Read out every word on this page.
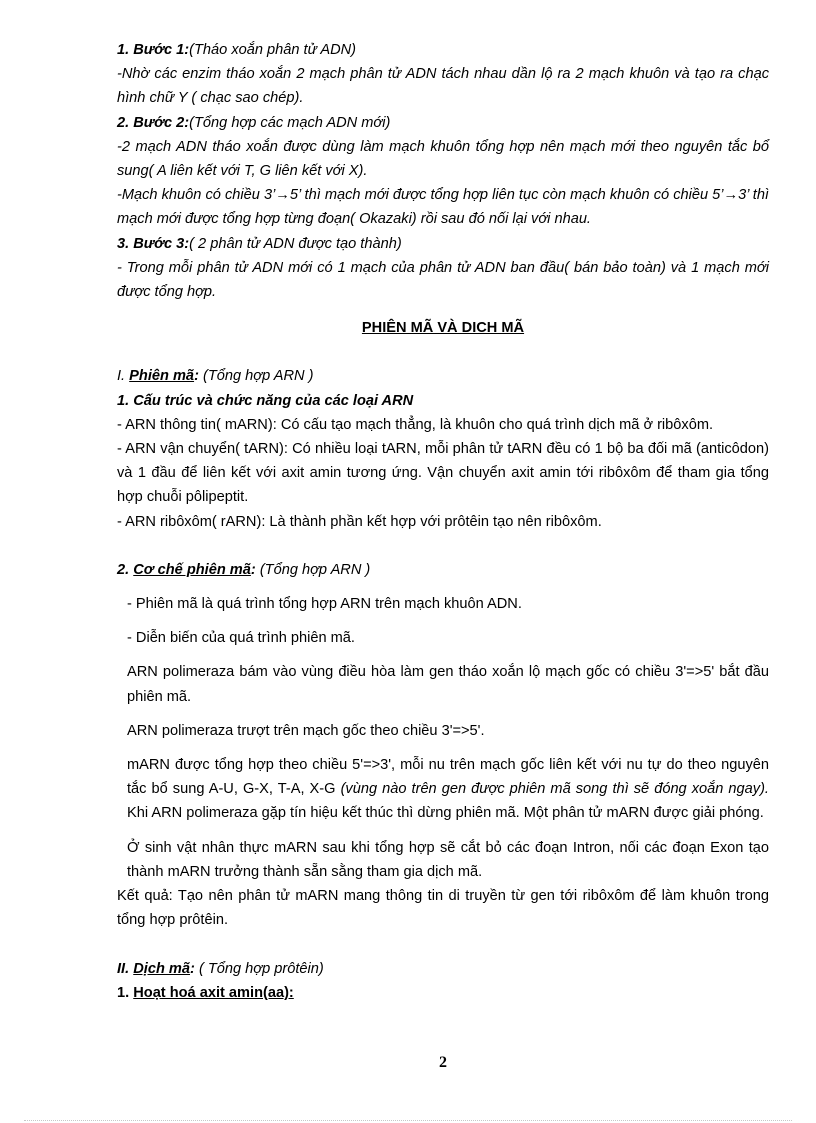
1. Bước 1:(Tháo xoắn phân tử ADN)

-Nhờ các enzim tháo xoắn 2 mạch phân tử ADN tách nhau dần lộ ra 2 mạch khuôn và tạo ra chạc hình chữ Y ( chạc sao chép).

2. Bước 2:(Tổng hợp các mạch ADN mới)

-2 mạch ADN tháo xoắn được dùng làm mạch khuôn tổng hợp nên mạch mới theo nguyên tắc bổ sung( A liên kết với T, G liên kết với X).

-Mạch khuôn có chiều 3’→5’ thì mạch mới được tổng hợp liên tục còn mạch khuôn có chiều 5’→3’ thì mạch mới được tổng hợp từng đoạn( Okazaki) rồi sau đó nối lại với nhau.

3. Bước 3:( 2 phân tử ADN được tạo thành)

- Trong mỗi phân tử ADN mới có 1 mạch của phân tử ADN ban đầu( bán bảo toàn) và 1 mạch mới được tổng hợp.

PHIÊN MÃ VÀ DICH MÃ

I. Phiên mã: (Tổng hợp ARN )

1. Cấu trúc và chức năng của các loại ARN

- ARN thông tin( mARN): Có cấu tạo mạch thẳng, là khuôn cho quá trình dịch mã ở ribôxôm.

- ARN vận chuyển( tARN): Có nhiều loại tARN, mỗi phân tử tARN đều có 1 bộ ba đối mã (anticôdon) và 1 đầu để liên kết với axit amin tương ứng. Vận chuyển axit amin tới ribôxôm để tham gia tổng hợp chuỗi pôlipeptit.

- ARN ribôxôm( rARN): Là thành phần kết hợp với prôtêin tạo nên ribôxôm.

2. Cơ chế phiên mã: (Tổng hợp ARN )

- Phiên mã là quá trình tổng hợp ARN trên mạch khuôn ADN.

- Diễn biến của quá trình phiên mã.

ARN polimeraza bám vào vùng điều hòa làm gen tháo xoắn lộ mạch gốc có chiều 3'=>5' bắt đầu phiên mã.

ARN polimeraza trượt trên mạch gốc theo chiều 3'=>5'.

mARN được tổng hợp theo chiều 5'=>3', mỗi nu trên mạch gốc liên kết với nu tự do theo nguyên tắc bổ sung A-U, G-X, T-A, X-G (vùng nào trên gen được phiên mã song thì sẽ đóng xoắn ngay). Khi ARN polimeraza gặp tín hiệu kết thúc thì dừng phiên mã. Một phân tử mARN được giải phóng.

Ở sinh vật nhân thực mARN sau khi tổng hợp sẽ cắt bỏ các đoạn Intron, nối các đoạn Exon tạo thành mARN trưởng thành sẵn sằng tham gia dịch mã.

Kết quả: Tạo nên phân tử mARN mang thông tin di truyền từ gen tới ribôxôm để làm khuôn trong tổng hợp prôtêin.

II. Dịch mã: ( Tổng hợp prôtêin)

1. Hoạt hoá axit amin(aa):

2
